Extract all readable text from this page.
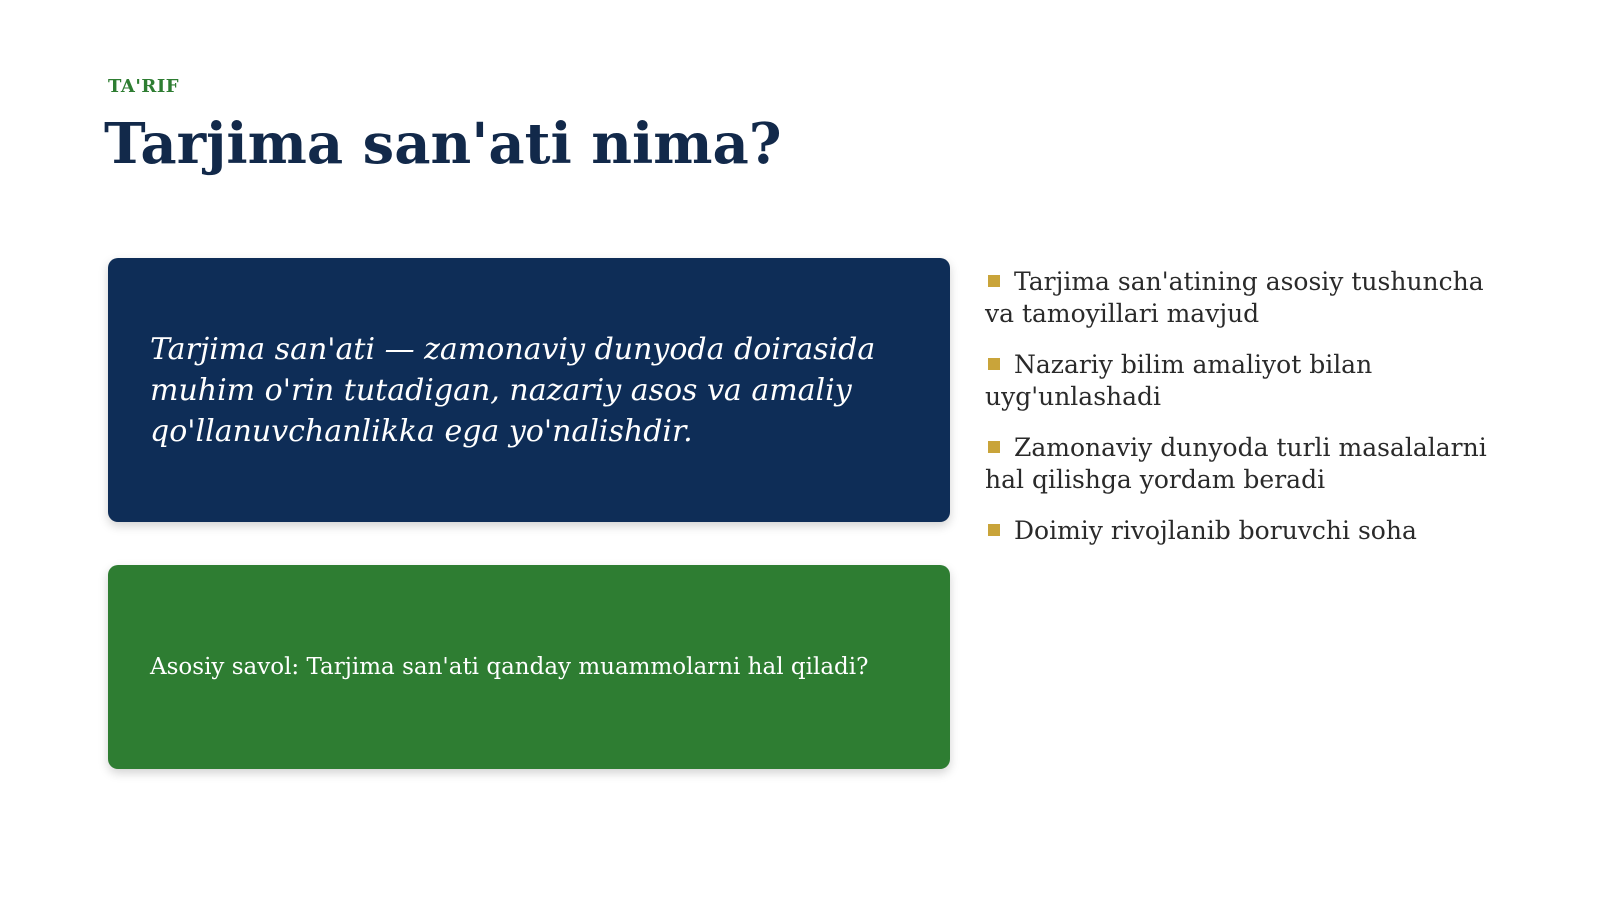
TA'RIF
Tarjima san'ati nima?

Tarjima san'ati — zamonaviy dunyoda doirasida muhim o'rin tutadigan, nazariy asos va amaliy qo'llanuvchanlikka ega yo'nalishdir.

Asosiy savol: Tarjima san'ati qanday muammolarni hal qiladi?

Tarjima san'atining asosiy tushuncha va tamoyillari mavjud
Nazariy bilim amaliyot bilan uyg'unlashadi
Zamonaviy dunyoda turli masalalarni hal qilishga yordam beradi
Doimiy rivojlanib boruvchi soha
